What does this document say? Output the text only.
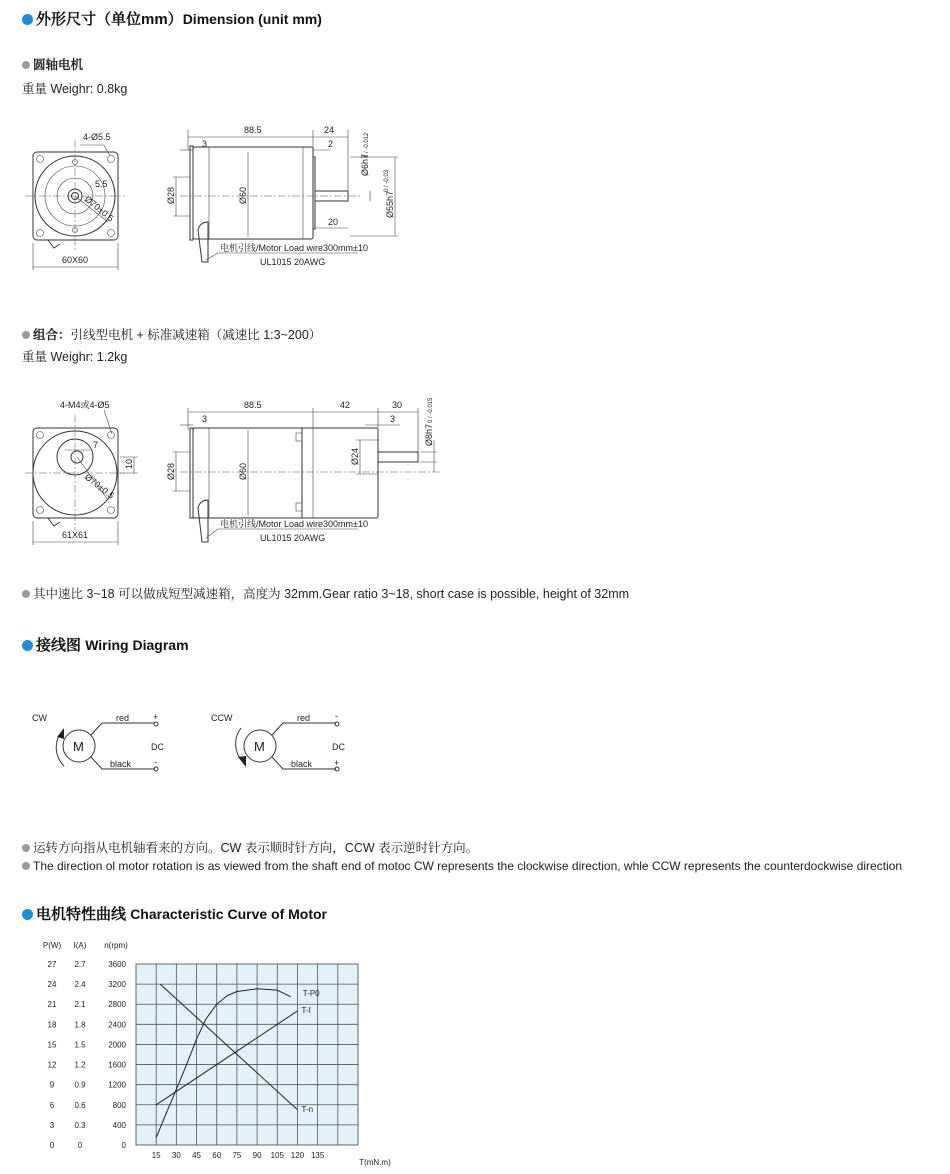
外形尺寸（单位mm）Dimension (unit mm)
圆轴电机
重量 Weighr: 0.8kg
4-Ø5.5
5.5
Ø70±0.5
60X60
88.5	24
3	2
Ø28	Ø60
Ø6h7
0 / -0.012
Ø55h7
0 / -0.03
20
电机引线/Motor Load wire300mm±10
UL1015 20AWG
组合：引线型电机 + 标准减速箱（减速比 1:3~200）
重量 Weighr: 1.2kg
4-M4或4-Ø5
7
10
Ø70±0.5
61X61
88.5	42	30
3	3
Ø28	Ø60
Ø24
Ø8h7
0 / -0.015
电机引线/Motor Load wire300mm±10
UL1015 20AWG
其中速比 3~18 可以做成短型减速箱，高度为 32mm.Gear ratio 3~18, short case is possible, height of 32mm
接线图 Wiring Diagram
CW
M
red
black
+
-
DC
CCW
M
red
black
-
+
DC
运转方向指从电机轴看来的方向。CW 表示顺时针方向，CCW 表示逆时针方向。
The direction ol motor rotation is as viewed from the shaft end of motoc CW represents the clockwise direction, whle CCW represents the counterdockwise direction
电机特性曲线 Characteristic Curve of Motor
P(W)
27
24
21
18
15
12
9
6
3
0
I(A)
2.7
2.4
2.1
1.8
1.5
1.2
0.9
0.6
0.3
0
n(rpm)
3600
3200
2800
2400
2000
1600
1200
800
400
0
15 30 45 60 75 90 105 120 135
T(mN.m)
T-P0
T-I
T-n
